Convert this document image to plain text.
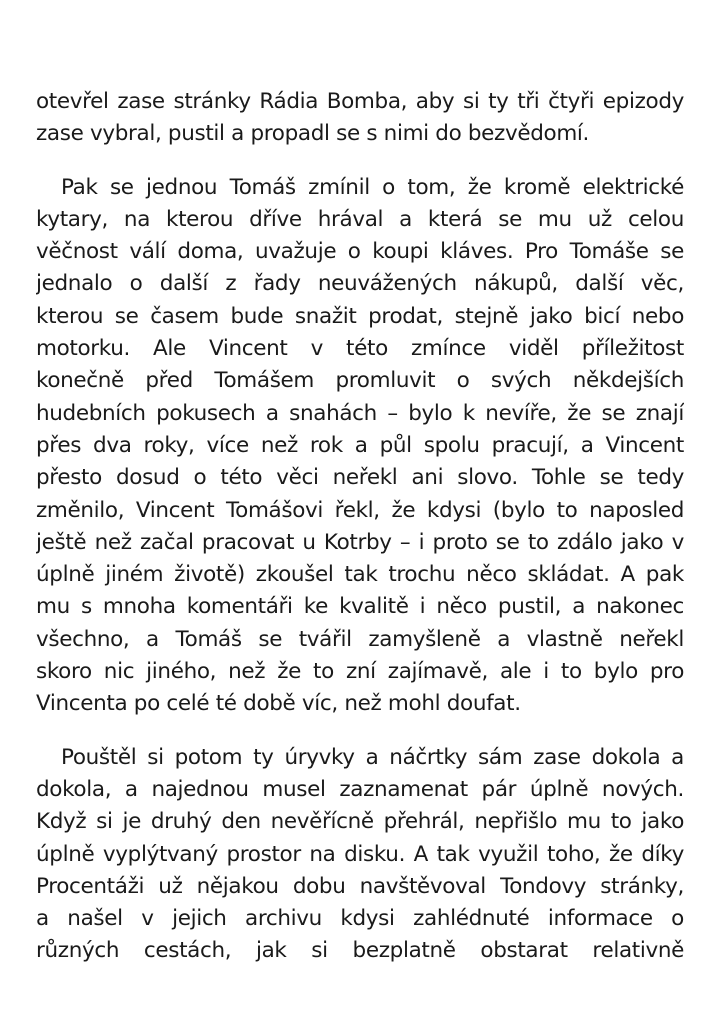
otevřel zase stránky Rádia Bomba, aby si ty tři čtyři epizody
zase vybral, pustil a propadl se s nimi do bezvědomí.
Pak se jednou Tomáš zmínil o tom, že kromě elektrické
kytary, na kterou dříve hrával a která se mu už celou
věčnost válí doma, uvažuje o koupi kláves. Pro Tomáše se
jednalo o další z řady neuvážených nákupů, další věc,
kterou se časem bude snažit prodat, stejně jako bicí nebo
motorku. Ale Vincent v této zmínce viděl příležitost
konečně před Tomášem promluvit o svých někdejších
hudebních pokusech a snahách – bylo k nevíře, že se znají
přes dva roky, více než rok a půl spolu pracují, a Vincent
přesto dosud o této věci neřekl ani slovo. Tohle se tedy
změnilo, Vincent Tomášovi řekl, že kdysi (bylo to naposled
ještě než začal pracovat u Kotrby – i proto se to zdálo jako v
úplně jiném životě) zkoušel tak trochu něco skládat. A pak
mu s mnoha komentáři ke kvalitě i něco pustil, a nakonec
všechno, a Tomáš se tvářil zamyšleně a vlastně neřekl
skoro nic jiného, než že to zní zajímavě, ale i to bylo pro
Vincenta po celé té době víc, než mohl doufat.
Pouštěl si potom ty úryvky a náčrtky sám zase dokola a
dokola, a najednou musel zaznamenat pár úplně nových.
Když si je druhý den nevěřícně přehrál, nepřišlo mu to jako
úplně vyplýtvaný prostor na disku. A tak využil toho, že díky
Procentáži už nějakou dobu navštěvoval Tondovy stránky,
a našel v jejich archivu kdysi zahlédnuté informace o
různých cestách, jak si bezplatně obstarat relativně
